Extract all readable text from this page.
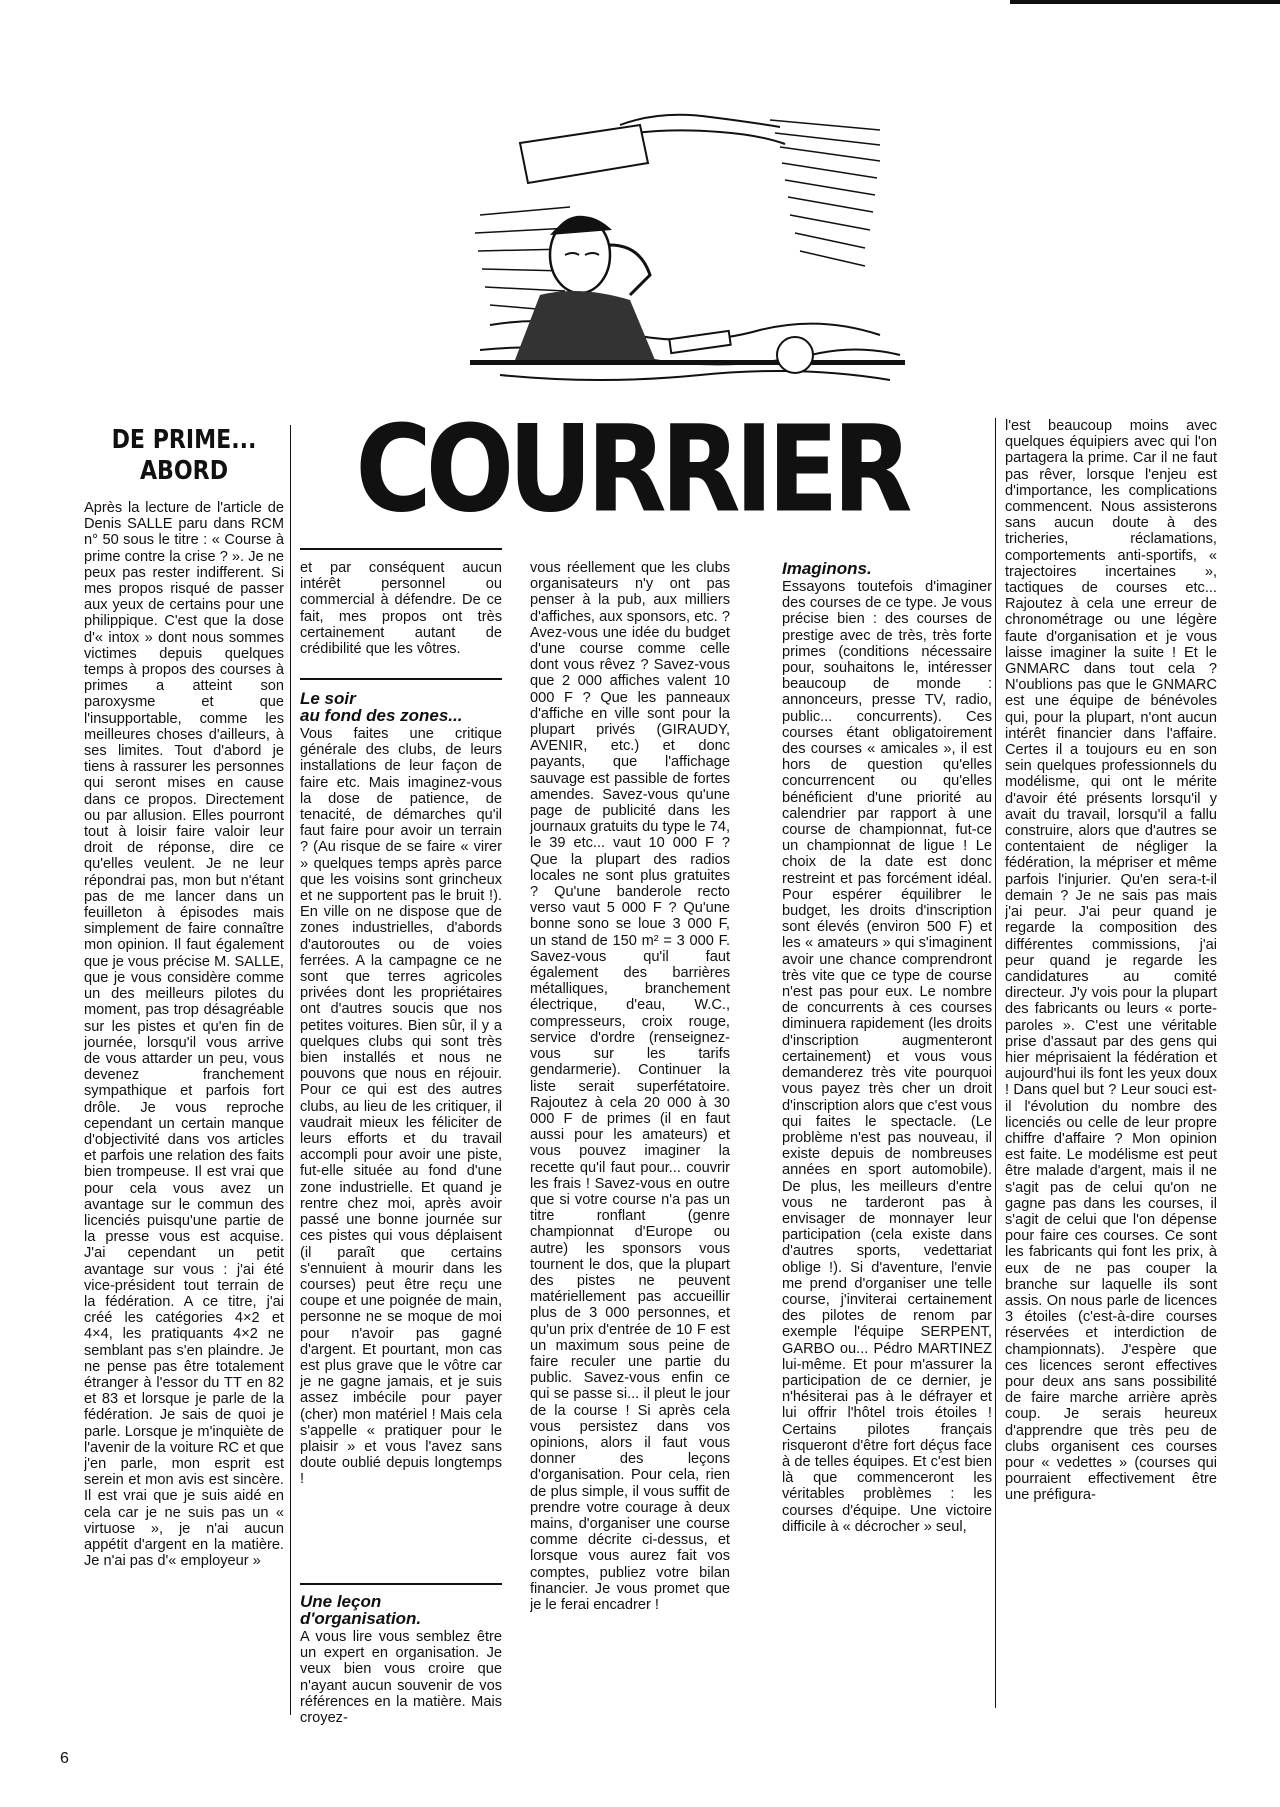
COURRIER
DE PRIME...
ABORD

Après la lecture de l'article de Denis SALLE paru dans RCM n° 50 sous le titre : « Course à prime contre la crise ? ». Je ne peux pas rester indifferent. Si mes propos risqué de passer aux yeux de certains pour une philippique. C'est que la dose d'« intox » dont nous sommes victimes depuis quelques temps à propos des courses à primes a atteint son paroxysme et que l'insupportable, comme les meilleures choses d'ailleurs, à ses limites. Tout d'abord je tiens à rassurer les personnes qui seront mises en cause dans ce propos. Directement ou par allusion. Elles pourront tout à loisir faire valoir leur droit de réponse, dire ce qu'elles veulent. Je ne leur répondrai pas, mon but n'étant pas de me lancer dans un feuilleton à épisodes mais simplement de faire connaître mon opinion. Il faut également que je vous précise M. SALLE, que je vous considère comme un des meilleurs pilotes du moment, pas trop désagréable sur les pistes et qu'en fin de journée, lorsqu'il vous arrive de vous attarder un peu, vous devenez franchement sympathique et parfois fort drôle. Je vous reproche cependant un certain manque d'objectivité dans vos articles et parfois une relation des faits bien trompeuse. Il est vrai que pour cela vous avez un avantage sur le commun des licenciés puisqu'une partie de la presse vous est acquise. J'ai cependant un petit avantage sur vous : j'ai été vice-président tout terrain de la fédération. A ce titre, j'ai créé les catégories 4×2 et 4×4, les pratiquants 4×2 ne semblant pas s'en plaindre. Je ne pense pas être totalement étranger à l'essor du TT en 82 et 83 et lorsque je parle de la fédération. Je sais de quoi je parle. Lorsque je m'inquiète de l'avenir de la voiture RC et que j'en parle, mon esprit est serein et mon avis est sincère. Il est vrai que je suis aidé en cela car je ne suis pas un « virtuose », je n'ai aucun appétit d'argent en la matière. Je n'ai pas d'« employeur »

et par conséquent aucun intérêt personnel ou commercial à défendre. De ce fait, mes propos ont très certainement autant de crédibilité que les vôtres.

Le soir
au fond des zones...

Vous faites une critique générale des clubs, de leurs installations de leur façon de faire etc. Mais imaginez-vous la dose de patience, de tenacité, de démarches qu'il faut faire pour avoir un terrain ? (Au risque de se faire « virer » quelques temps après parce que les voisins sont grincheux et ne supportent pas le bruit !). En ville on ne dispose que de zones industrielles, d'abords d'autoroutes ou de voies ferrées. A la campagne ce ne sont que terres agricoles privées dont les propriétaires ont d'autres soucis que nos petites voitures. Bien sûr, il y a quelques clubs qui sont très bien installés et nous ne pouvons que nous en réjouir. Pour ce qui est des autres clubs, au lieu de les critiquer, il vaudrait mieux les féliciter de leurs efforts et du travail accompli pour avoir une piste, fut-elle située au fond d'une zone industrielle. Et quand je rentre chez moi, après avoir passé une bonne journée sur ces pistes qui vous déplaisent (il paraît que certains s'ennuient à mourir dans les courses) peut être reçu une coupe et une poignée de main, personne ne se moque de moi pour n'avoir pas gagné d'argent. Et pourtant, mon cas est plus grave que le vôtre car je ne gagne jamais, et je suis assez imbécile pour payer (cher) mon matériel ! Mais cela s'appelle « pratiquer pour le plaisir » et vous l'avez sans doute oublié depuis longtemps !

Une leçon
d'organisation.

A vous lire vous semblez être un expert en organisation. Je veux bien vous croire que n'ayant aucun souvenir de vos références en la matière. Mais croyez-

vous réellement que les clubs organisateurs n'y ont pas penser à la pub, aux milliers d'affiches, aux sponsors, etc. ? Avez-vous une idée du budget d'une course comme celle dont vous rêvez ? Savez-vous que 2 000 affiches valent 10 000 F ? Que les panneaux d'affiche en ville sont pour la plupart privés (GIRAUDY, AVENIR, etc.) et donc payants, que l'affichage sauvage est passible de fortes amendes. Savez-vous qu'une page de publicité dans les journaux gratuits du type le 74, le 39 etc... vaut 10 000 F ? Que la plupart des radios locales ne sont plus gratuites ? Qu'une banderole recto verso vaut 5 000 F ? Qu'une bonne sono se loue 3 000 F, un stand de 150 m² = 3 000 F. Savez-vous qu'il faut également des barrières métalliques, branchement électrique, d'eau, W.C., compresseurs, croix rouge, service d'ordre (renseignez-vous sur les tarifs gendarmerie). Continuer la liste serait superfétatoire. Rajoutez à cela 20 000 à 30 000 F de primes (il en faut aussi pour les amateurs) et vous pouvez imaginer la recette qu'il faut pour... couvrir les frais ! Savez-vous en outre que si votre course n'a pas un titre ronflant (genre championnat d'Europe ou autre) les sponsors vous tournent le dos, que la plupart des pistes ne peuvent matériellement pas accueillir plus de 3 000 personnes, et qu'un prix d'entrée de 10 F est un maximum sous peine de faire reculer une partie du public. Savez-vous enfin ce qui se passe si... il pleut le jour de la course ! Si après cela vous persistez dans vos opinions, alors il faut vous donner des leçons d'organisation. Pour cela, rien de plus simple, il vous suffit de prendre votre courage à deux mains, d'organiser une course comme décrite ci-dessus, et lorsque vous aurez fait vos comptes, publiez votre bilan financier. Je vous promet que je le ferai encadrer !

Imaginons.

Essayons toutefois d'imaginer des courses de ce type. Je vous précise bien : des courses de prestige avec de très, très forte primes (conditions nécessaire pour, souhaitons le, intéresser beaucoup de monde : annonceurs, presse TV, radio, public... concurrents). Ces courses étant obligatoirement des courses « amicales », il est hors de question qu'elles concurrencent ou qu'elles bénéficient d'une priorité au calendrier par rapport à une course de championnat, fut-ce un championnat de ligue ! Le choix de la date est donc restreint et pas forcément idéal. Pour espérer équilibrer le budget, les droits d'inscription sont élevés (environ 500 F) et les « amateurs » qui s'imaginent avoir une chance comprendront très vite que ce type de course n'est pas pour eux. Le nombre de concurrents à ces courses diminuera rapidement (les droits d'inscription augmenteront certainement) et vous vous demanderez très vite pourquoi vous payez très cher un droit d'inscription alors que c'est vous qui faites le spectacle. (Le problème n'est pas nouveau, il existe depuis de nombreuses années en sport automobile). De plus, les meilleurs d'entre vous ne tarderont pas à envisager de monnayer leur participation (cela existe dans d'autres sports, vedettariat oblige !). Si d'aventure, l'envie me prend d'organiser une telle course, j'inviterai certainement des pilotes de renom par exemple l'équipe SERPENT, GARBO ou... Pédro MARTINEZ lui-même. Et pour m'assurer la participation de ce dernier, je n'hésiterai pas à le défrayer et lui offrir l'hôtel trois étoiles ! Certains pilotes français risqueront d'être fort déçus face à de telles équipes. Et c'est bien là que commenceront les véritables problèmes : les courses d'équipe. Une victoire difficile à « décrocher » seul,

l'est beaucoup moins avec quelques équipiers avec qui l'on partagera la prime. Car il ne faut pas rêver, lorsque l'enjeu est d'importance, les complications commencent. Nous assisterons sans aucun doute à des tricheries, réclamations, comportements anti-sportifs, « trajectoires incertaines », tactiques de courses etc... Rajoutez à cela une erreur de chronométrage ou une légère faute d'organisation et je vous laisse imaginer la suite ! Et le GNMARC dans tout cela ? N'oublions pas que le GNMARC est une équipe de bénévoles qui, pour la plupart, n'ont aucun intérêt financier dans l'affaire. Certes il a toujours eu en son sein quelques professionnels du modélisme, qui ont le mérite d'avoir été présents lorsqu'il y avait du travail, lorsqu'il a fallu construire, alors que d'autres se contentaient de négliger la fédération, la mépriser et même parfois l'injurier. Qu'en sera-t-il demain ? Je ne sais pas mais j'ai peur. J'ai peur quand je regarde la composition des différentes commissions, j'ai peur quand je regarde les candidatures au comité directeur. J'y vois pour la plupart des fabricants ou leurs « porte-paroles ». C'est une véritable prise d'assaut par des gens qui hier méprisaient la fédération et aujourd'hui ils font les yeux doux ! Dans quel but ? Leur souci est-il l'évolution du nombre des licenciés ou celle de leur propre chiffre d'affaire ? Mon opinion est faite. Le modélisme est peut être malade d'argent, mais il ne s'agit pas de celui qu'on ne gagne pas dans les courses, il s'agit de celui que l'on dépense pour faire ces courses. Ce sont les fabricants qui font les prix, à eux de ne pas couper la branche sur laquelle ils sont assis. On nous parle de licences 3 étoiles (c'est-à-dire courses réservées et interdiction de championnats). J'espère que ces licences seront effectives pour deux ans sans possibilité de faire marche arrière après coup. Je serais heureux d'apprendre que très peu de clubs organisent ces courses pour « vedettes » (courses qui pourraient effectivement être une préfigura-

6
